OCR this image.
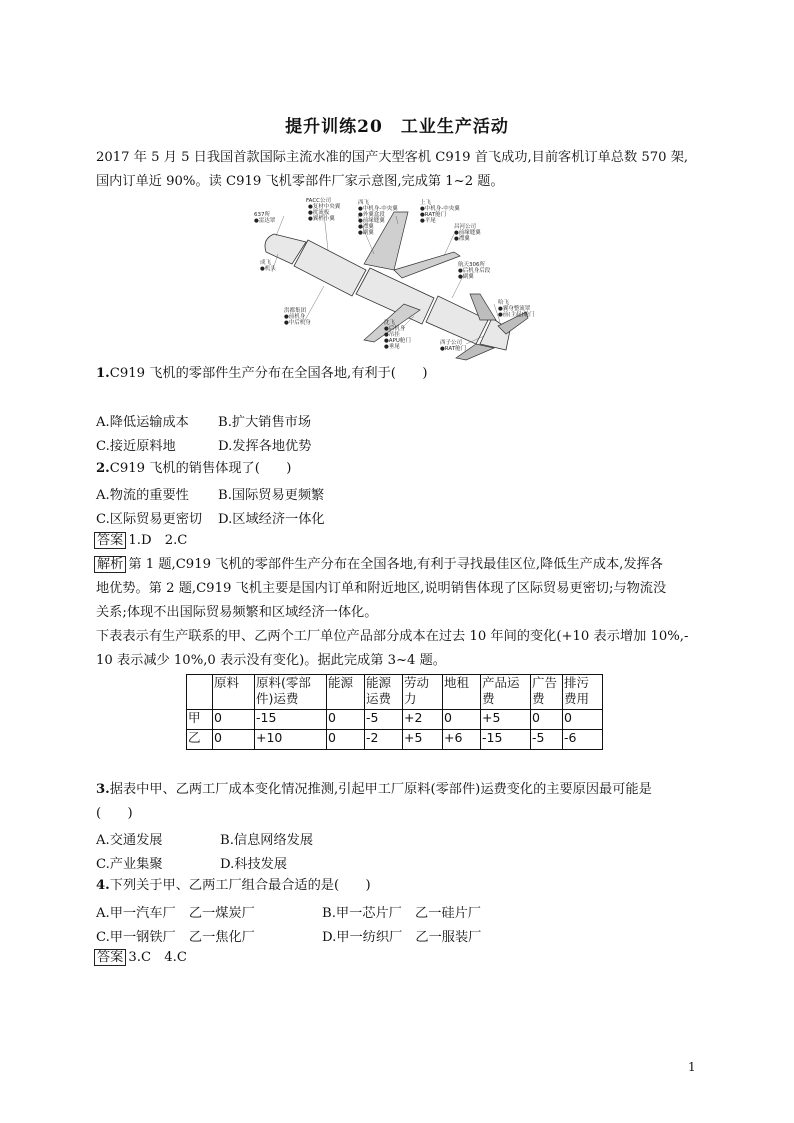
提升训练20　工业生产活动
2017 年 5 月 5 日我国首款国际主流水准的国产大型客机 C919 首飞成功,目前客机订单总数 570 架,
国内订单近 90%。读 C919 飞机零部件厂家示意图,完成第 1~2 题。
FACC公司
●复材中央翼
●扰流板
●翼梢小翼
西飞
●中机身-中央翼
●外翼盒段
●前缘缝翼
●襟翼
●副翼
上飞
●中机身-中央翼
●RAT舱门
●平尾
637所
●雷达罩
昌河公司
●前缘缝翼
●襟翼
成飞
●机头
航天306所
●后机身后段
●副翼
洪都集团
●前机身
●中后机身	沈飞
●后机身
●吊挂
●APU舱门
●垂尾
哈飞
●翼身整流罩
●前(主起)舱门
西子公司
●RAT舱门
1.C919 飞机的零部件生产分布在全国各地,有利于(　　)
A.降低运输成本 B.扩大销售市场
C.接近原料地	D.发挥各地优势
2.C919 飞机的销售体现了(　　)
A.物流的重要性 B.国际贸易更频繁
C.区际贸易更密切 D.区域经济一体化
答案 1.D　2.C
解析 第 1 题,C919 飞机的零部件生产分布在全国各地,有利于寻找最佳区位,降低生产成本,发挥各
地优势。第 2 题,C919 飞机主要是国内订单和附近地区,说明销售体现了区际贸易更密切;与物流没
关系;体现不出国际贸易频繁和区域经济一体化。
下表表示有生产联系的甲、乙两个工厂单位产品部分成本在过去 10 年间的变化(+10 表示增加 10%,-
10 表示减少 10%,0 表示没有变化)。据此完成第 3~4 题。
	原料	原料(零部件)运费	能源	能源运费	劳动力	地租	产品运费	广告费	排污费用
甲	0	-15	0	-5	+2	0	+5	0	0
乙	0	+10	0	-2	+5	+6	-15	-5	-6
3.据表中甲、乙两工厂成本变化情况推测,引起甲工厂原料(零部件)运费变化的主要原因最可能是
(　　)
A.交通发展	B.信息网络发展
C.产业集聚	D.科技发展
4.下列关于甲、乙两工厂组合最合适的是(　　)
A.甲一汽车厂　乙一煤炭厂	B.甲一芯片厂　乙一硅片厂
C.甲一钢铁厂　乙一焦化厂	D.甲一纺织厂　乙一服装厂
答案 3.C　4.C
1
